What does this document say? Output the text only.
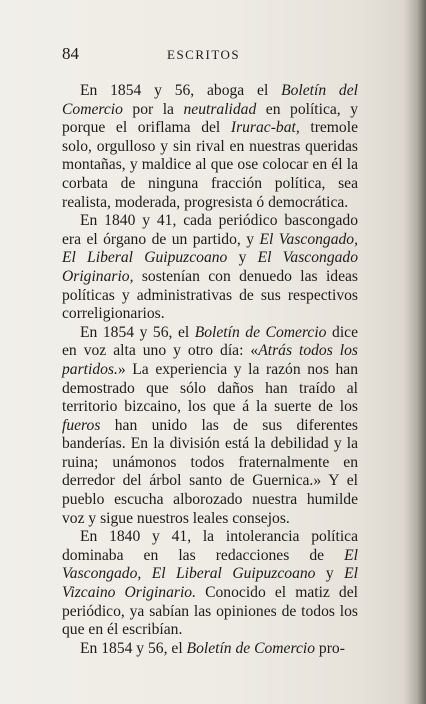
84	ESCRITOS

En 1854 y 56, aboga el Boletín del Comercio por la neutralidad en política, y porque el oriflama del Irurac-bat, tremole solo, orgulloso y sin rival en nuestras queridas montañas, y maldice al que ose colocar en él la corbata de ninguna fracción política, sea realista, moderada, progresista ó democrática.

En 1840 y 41, cada periódico bascongado era el órgano de un partido, y El Vascongado, El Liberal Guipuzcoano y El Vascongado Originario, sostenían con denuedo las ideas políticas y administrativas de sus respectivos correligionarios.

En 1854 y 56, el Boletín de Comercio dice en voz alta uno y otro día: «Atrás todos los partidos.» La experiencia y la razón nos han demostrado que sólo daños han traído al territorio bizcaino, los que á la suerte de los fueros han unido las de sus diferentes banderías. En la división está la debilidad y la ruina; unámonos todos fraternalmente en derredor del árbol santo de Guernica.» Y el pueblo escucha alborozado nuestra humilde voz y sigue nuestros leales consejos.

En 1840 y 41, la intolerancia política dominaba en las redacciones de El Vascongado, El Liberal Guipuzcoano y El Vizcaino Originario. Conocido el matiz del periódico, ya sabían las opiniones de todos los que en él escribían.

En 1854 y 56, el Boletín de Comercio pro-
